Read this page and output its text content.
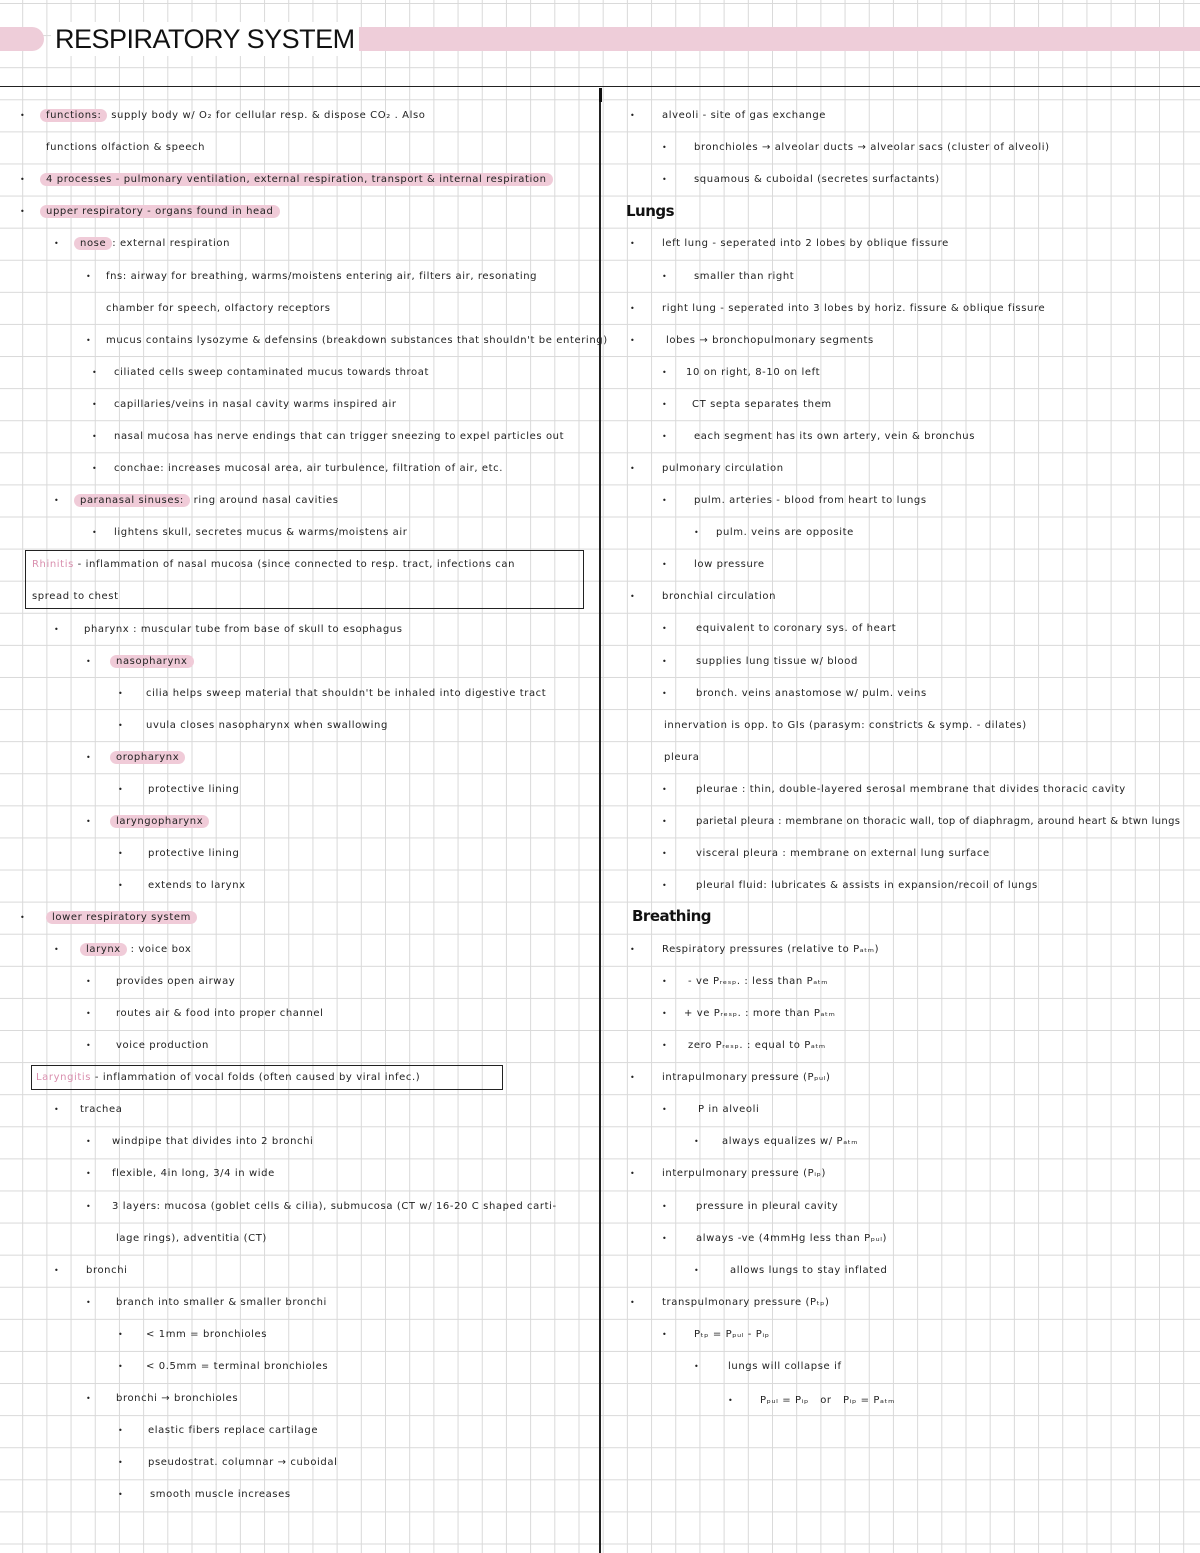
RESPIRATORY SYSTEM
•	functions: supply body w/ O₂ for cellular resp. & dispose CO₂ . Also
functions olfaction & speech
•	4 processes - pulmonary ventilation, external respiration, transport & internal respiration
•	upper respiratory - organs found in head
•	nose : external respiration
• fns: airway for breathing, warms/moistens entering air, filters air, resonating
chamber for speech, olfactory receptors
• mucus contains lysozyme & defensins (breakdown substances that shouldn't be entering)
• ciliated cells sweep contaminated mucus towards throat
• capillaries/veins in nasal cavity warms inspired air
• nasal mucosa has nerve endings that can trigger sneezing to expel particles out
• conchae: increases mucosal area, air turbulence, filtration of air, etc.
•	paranasal sinuses: ring around nasal cavities
• lightens skull, secretes mucus & warms/moistens air
Rhinitis - inflammation of nasal mucosa (since connected to resp. tract, infections can
spread to chest
•	pharynx : muscular tube from base of skull to esophagus
•	nasopharynx
• cilia helps sweep material that shouldn't be inhaled into digestive tract
• uvula closes nasopharynx when swallowing
•	oropharynx
•	protective lining
•	laryngopharynx
•	protective lining
•	extends to larynx
•	lower respiratory system
•	larynx : voice box
•	provides open airway
•	routes air & food into proper channel
•	voice production
Laryngitis - inflammation of vocal folds (often caused by viral infec.)
• trachea
• windpipe that divides into 2 bronchi
• flexible, 4in long, 3/4 in wide
• 3 layers: mucosa (goblet cells & cilia), submucosa (CT w/ 16-20 C shaped carti-
lage rings), adventitia (CT)
•	bronchi
•	branch into smaller & smaller bronchi
• < 1mm = bronchioles
• < 0.5mm = terminal bronchioles
•	bronchi → bronchioles
•	elastic fibers replace cartilage
•	pseudostrat. columnar → cuboidal
•	smooth muscle increases
•	alveoli - site of gas exchange
•	bronchioles → alveolar ducts → alveolar sacs (cluster of alveoli)
•	squamous & cuboidal (secretes surfactants)
Lungs
•	left lung - seperated into 2 lobes by oblique fissure
•	smaller than right
•	right lung - seperated into 3 lobes by horiz. fissure & oblique fissure
•	lobes → bronchopulmonary segments
• 10 on right, 8-10 on left
•	CT septa separates them
•	each segment has its own artery, vein & bronchus
•	pulmonary circulation
•	pulm. arteries - blood from heart to lungs
• pulm. veins are opposite
•	low pressure
•	bronchial circulation
•	equivalent to coronary sys. of heart
•	supplies lung tissue w/ blood
•	bronch. veins anastomose w/ pulm. veins
innervation is opp. to GIs (parasym: constricts & symp. - dilates)
pleura
•	pleurae : thin, double-layered serosal membrane that divides thoracic cavity
•	parietal pleura : membrane on thoracic wall, top of diaphragm, around heart & btwn lungs
•	visceral pleura : membrane on external lung surface
•	pleural fluid: lubricates & assists in expansion/recoil of lungs
Breathing
•	Respiratory pressures (relative to Pₐₜₘ)
• - ve Pᵣₑₛₚ. : less than Pₐₜₘ
• + ve Pᵣₑₛₚ. : more than Pₐₜₘ
• zero Pᵣₑₛₚ. : equal to Pₐₜₘ
•	intrapulmonary pressure (Pₚᵤₗ)
•	P in alveoli
• always equalizes w/ Pₐₜₘ
•	interpulmonary pressure (Pᵢₚ)
•	pressure in pleural cavity
•	always -ve (4mmHg less than Pₚᵤₗ)
•	allows lungs to stay inflated
•	transpulmonary pressure (Pₜₚ)
•	Pₜₚ = Pₚᵤₗ - Pᵢₚ
•	lungs will collapse if
•	Pₚᵤₗ = Pᵢₚ   or   Pᵢₚ = Pₐₜₘ
